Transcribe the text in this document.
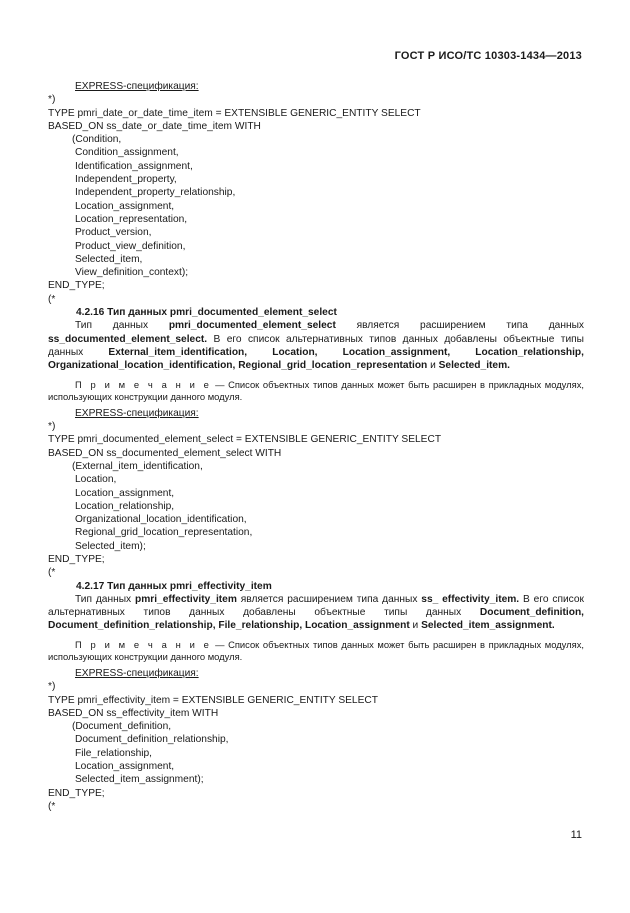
ГОСТ Р ИСО/ТС 10303-1434—2013
EXPRESS-спецификация:
*)
TYPE pmri_date_or_date_time_item = EXTENSIBLE GENERIC_ENTITY SELECT
BASED_ON ss_date_or_date_time_item WITH
(Condition,
Condition_assignment,
Identification_assignment,
Independent_property,
Independent_property_relationship,
Location_assignment,
Location_representation,
Product_version,
Product_view_definition,
Selected_item,
View_definition_context);
END_TYPE;
(*
4.2.16 Тип данных pmri_documented_element_select
Тип данных pmri_documented_element_select является расширением типа данных ss_documented_element_select. В его список альтернативных типов данных добавлены объектные типы данных External_item_identification, Location, Location_assignment, Location_relationship, Organizational_location_identification, Regional_grid_location_representation и Selected_item.
П р и м е ч а н и е — Список объектных типов данных может быть расширен в прикладных модулях, использующих конструкции данного модуля.
EXPRESS-спецификация:
*)
TYPE pmri_documented_element_select = EXTENSIBLE GENERIC_ENTITY SELECT
BASED_ON ss_documented_element_select WITH
(External_item_identification,
Location,
Location_assignment,
Location_relationship,
Organizational_location_identification,
Regional_grid_location_representation,
Selected_item);
END_TYPE;
(*
4.2.17 Тип данных pmri_effectivity_item
Тип данных pmri_effectivity_item является расширением типа данных ss_ effectivity_item. В его список альтернативных типов данных добавлены объектные типы данных Document_definition, Document_definition_relationship, File_relationship, Location_assignment и Selected_item_assignment.
П р и м е ч а н и е — Список объектных типов данных может быть расширен в прикладных модулях, использующих конструкции данного модуля.
EXPRESS-спецификация:
*)
TYPE pmri_effectivity_item = EXTENSIBLE GENERIC_ENTITY SELECT
BASED_ON ss_effectivity_item WITH
(Document_definition,
Document_definition_relationship,
File_relationship,
Location_assignment,
Selected_item_assignment);
END_TYPE;
(*
11
